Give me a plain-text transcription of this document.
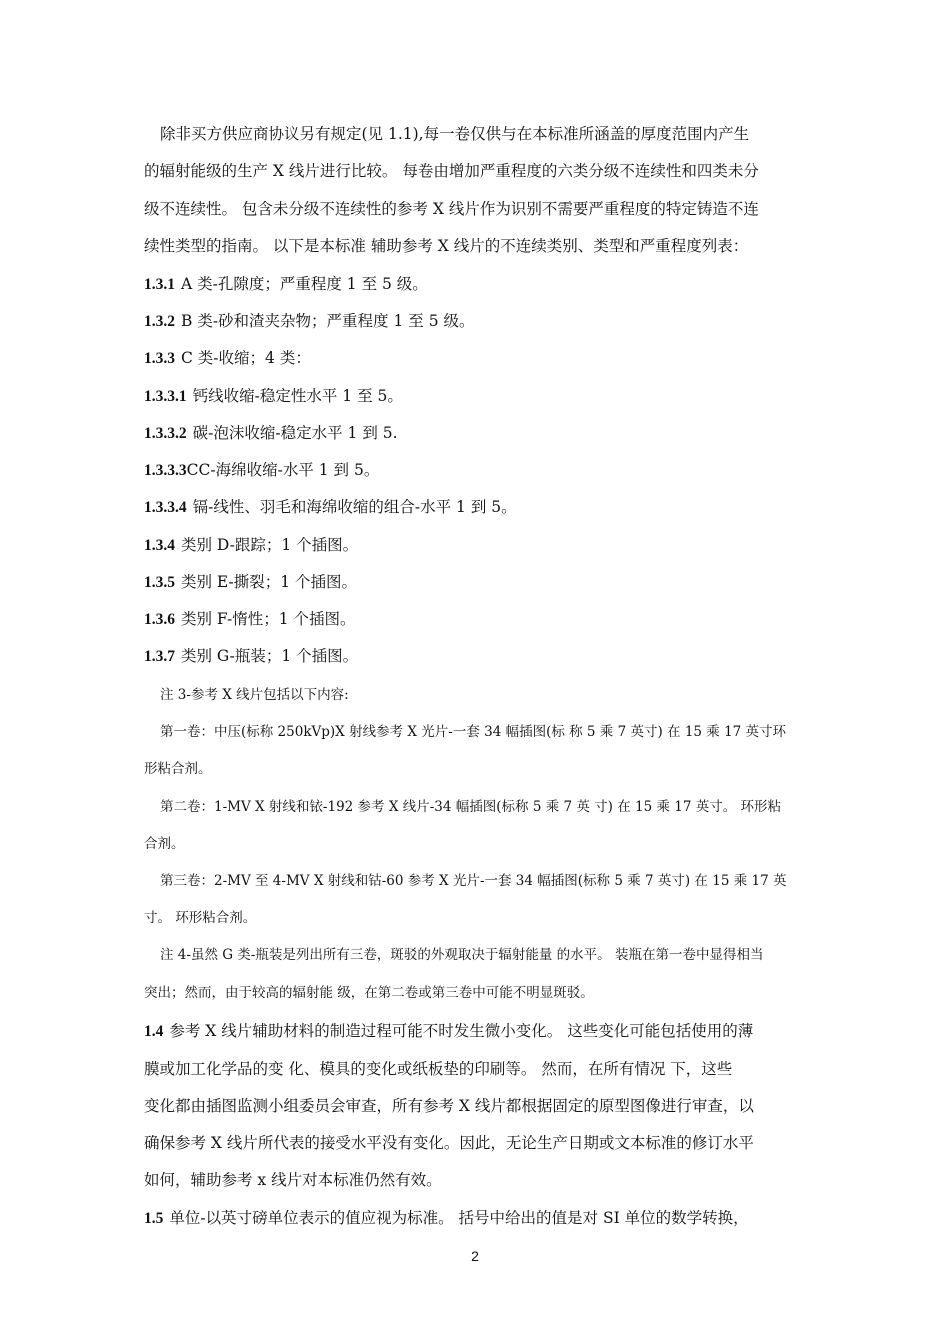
除非买方供应商协议另有规定(见 1.1),每一卷仅供与在本标准所涵盖的厚度范围内产生
的辐射能级的生产 X 线片进行比较。 每卷由增加严重程度的六类分级不连续性和四类未分
级不连续性。 包含未分级不连续性的参考 X 线片作为识别不需要严重程度的特定铸造不连
续性类型的指南。 以下是本标准 辅助参考 X 线片的不连续类别、类型和严重程度列表：
1.3.1 A 类-孔隙度；严重程度 1 至 5 级。
1.3.2 B 类-砂和渣夹杂物；严重程度 1 至 5 级。
1.3.3 C 类-收缩；4 类：
1.3.3.1 钙线收缩-稳定性水平 1 至 5。
1.3.3.2 碳-泡沫收缩-稳定水平 1 到 5.
1.3.3.3CC-海绵收缩-水平 1 到 5。
1.3.3.4 镉-线性、羽毛和海绵收缩的组合-水平 1 到 5。
1.3.4 类别 D-跟踪；1 个插图。
1.3.5 类别 E-撕裂；1 个插图。
1.3.6 类别 F-惰性；1 个插图。
1.3.7 类别 G-瓶装；1 个插图。
注 3-参考 X 线片包括以下内容:
第一卷：中压(标称 250kVp)X 射线参考 X 光片-一套 34 幅插图(标 称 5 乘 7 英寸) 在 15 乘 17 英寸环
形粘合剂。
第二卷：1-MV X 射线和铱-192 参考 X 线片-34 幅插图(标称 5 乘 7 英 寸) 在 15 乘 17 英寸。 环形粘
合剂。
第三卷：2-MV 至 4-MV X 射线和钴-60 参考 X 光片-一套 34 幅插图(标称 5 乘 7 英寸) 在 15 乘 17 英
寸。 环形粘合剂。
注 4-虽然 G 类-瓶装是列出所有三卷，斑驳的外观取决于辐射能量 的水平。 装瓶在第一卷中显得相当
突出；然而，由于较高的辐射能 级，在第二卷或第三卷中可能不明显斑驳。
1.4 参考 X 线片辅助材料的制造过程可能不时发生微小变化。 这些变化可能包括使用的薄
膜或加工化学品的变 化、模具的变化或纸板垫的印刷等。 然而，在所有情况 下，这些
变化都由插图监测小组委员会审查，所有参考 X 线片都根据固定的原型图像进行审查，以
确保参考 X 线片所代表的接受水平没有变化。因此，无论生产日期或文本标准的修订水平
如何，辅助参考 x 线片对本标准仍然有效。
1.5 单位-以英寸磅单位表示的值应视为标准。 括号中给出的值是对 SI 单位的数学转换，
2
